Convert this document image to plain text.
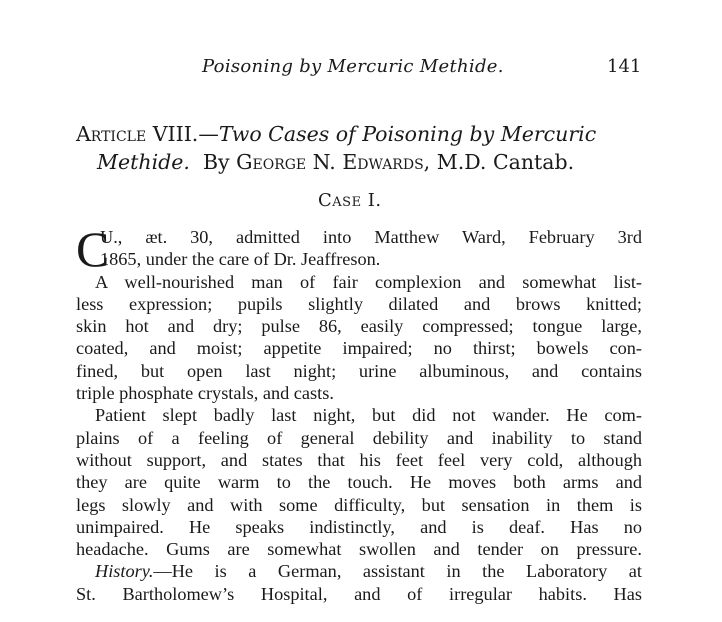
Poisoning by Mercuric Methide.	141
Article VIII.—Two Cases of Poisoning by Mercuric
Methide. By George N. Edwards, M.D. Cantab.
Case I.
C
U., æt. 30, admitted into Matthew Ward, February 3rd
1865, under the care of Dr. Jeaffreson.
A well-nourished man of fair complexion and somewhat list-
less expression; pupils slightly dilated and brows knitted;
skin hot and dry; pulse 86, easily compressed; tongue large,
coated, and moist; appetite impaired; no thirst; bowels con-
fined, but open last night; urine albuminous, and contains
triple phosphate crystals, and casts.
Patient slept badly last night, but did not wander. He com-
plains of a feeling of general debility and inability to stand
without support, and states that his feet feel very cold, although
they are quite warm to the touch. He moves both arms and
legs slowly and with some difficulty, but sensation in them is
unimpaired. He speaks indistinctly, and is deaf. Has no
headache. Gums are somewhat swollen and tender on pressure.
History.—He is a German, assistant in the Laboratory at
St. Bartholomew’s Hospital, and of irregular habits. Has
